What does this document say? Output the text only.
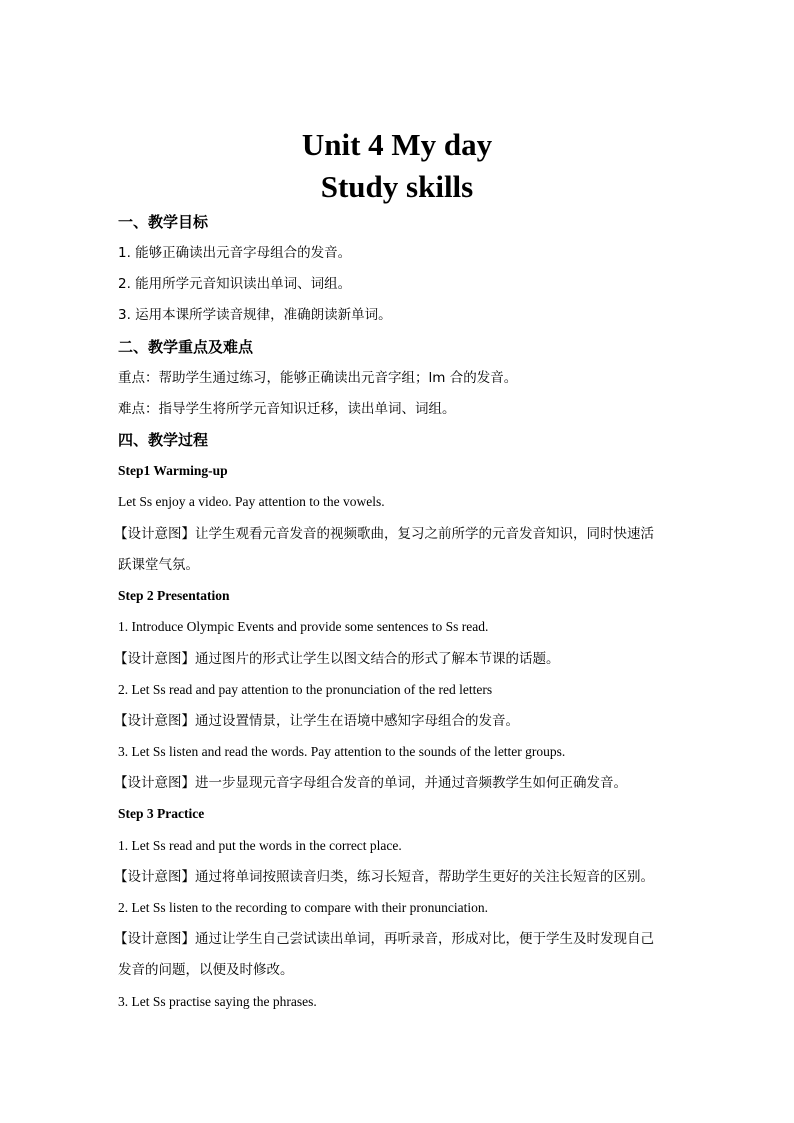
Unit 4 My day
Study skills
一、教学目标
1. 能够正确读出元音字母组合的发音。
2. 能用所学元音知识读出单词、词组。
3. 运用本课所学读音规律，准确朗读新单词。
二、教学重点及难点
重点：帮助学生通过练习，能够正确读出元音字组；lm 合的发音。
难点：指导学生将所学元音知识迁移，读出单词、词组。
四、教学过程
Step1 Warming-up
Let Ss enjoy a video. Pay attention to the vowels.
【设计意图】让学生观看元音发音的视频歌曲，复习之前所学的元音发音知识，同时快速活
跃课堂气氛。
Step 2 Presentation
1. Introduce Olympic Events and provide some sentences to Ss read.
【设计意图】通过图片的形式让学生以图文结合的形式了解本节课的话题。
2. Let Ss read and pay attention to the pronunciation of the red letters
【设计意图】通过设置情景，让学生在语境中感知字母组合的发音。
3. Let Ss listen and read the words. Pay attention to the sounds of the letter groups.
【设计意图】进一步显现元音字母组合发音的单词，并通过音频教学生如何正确发音。
Step 3 Practice
1. Let Ss read and put the words in the correct place.
【设计意图】通过将单词按照读音归类，练习长短音，帮助学生更好的关注长短音的区别。
2. Let Ss listen to the recording to compare with their pronunciation.
【设计意图】通过让学生自己尝试读出单词，再听录音，形成对比，便于学生及时发现自己
发音的问题，以便及时修改。
3. Let Ss practise saying the phrases.
